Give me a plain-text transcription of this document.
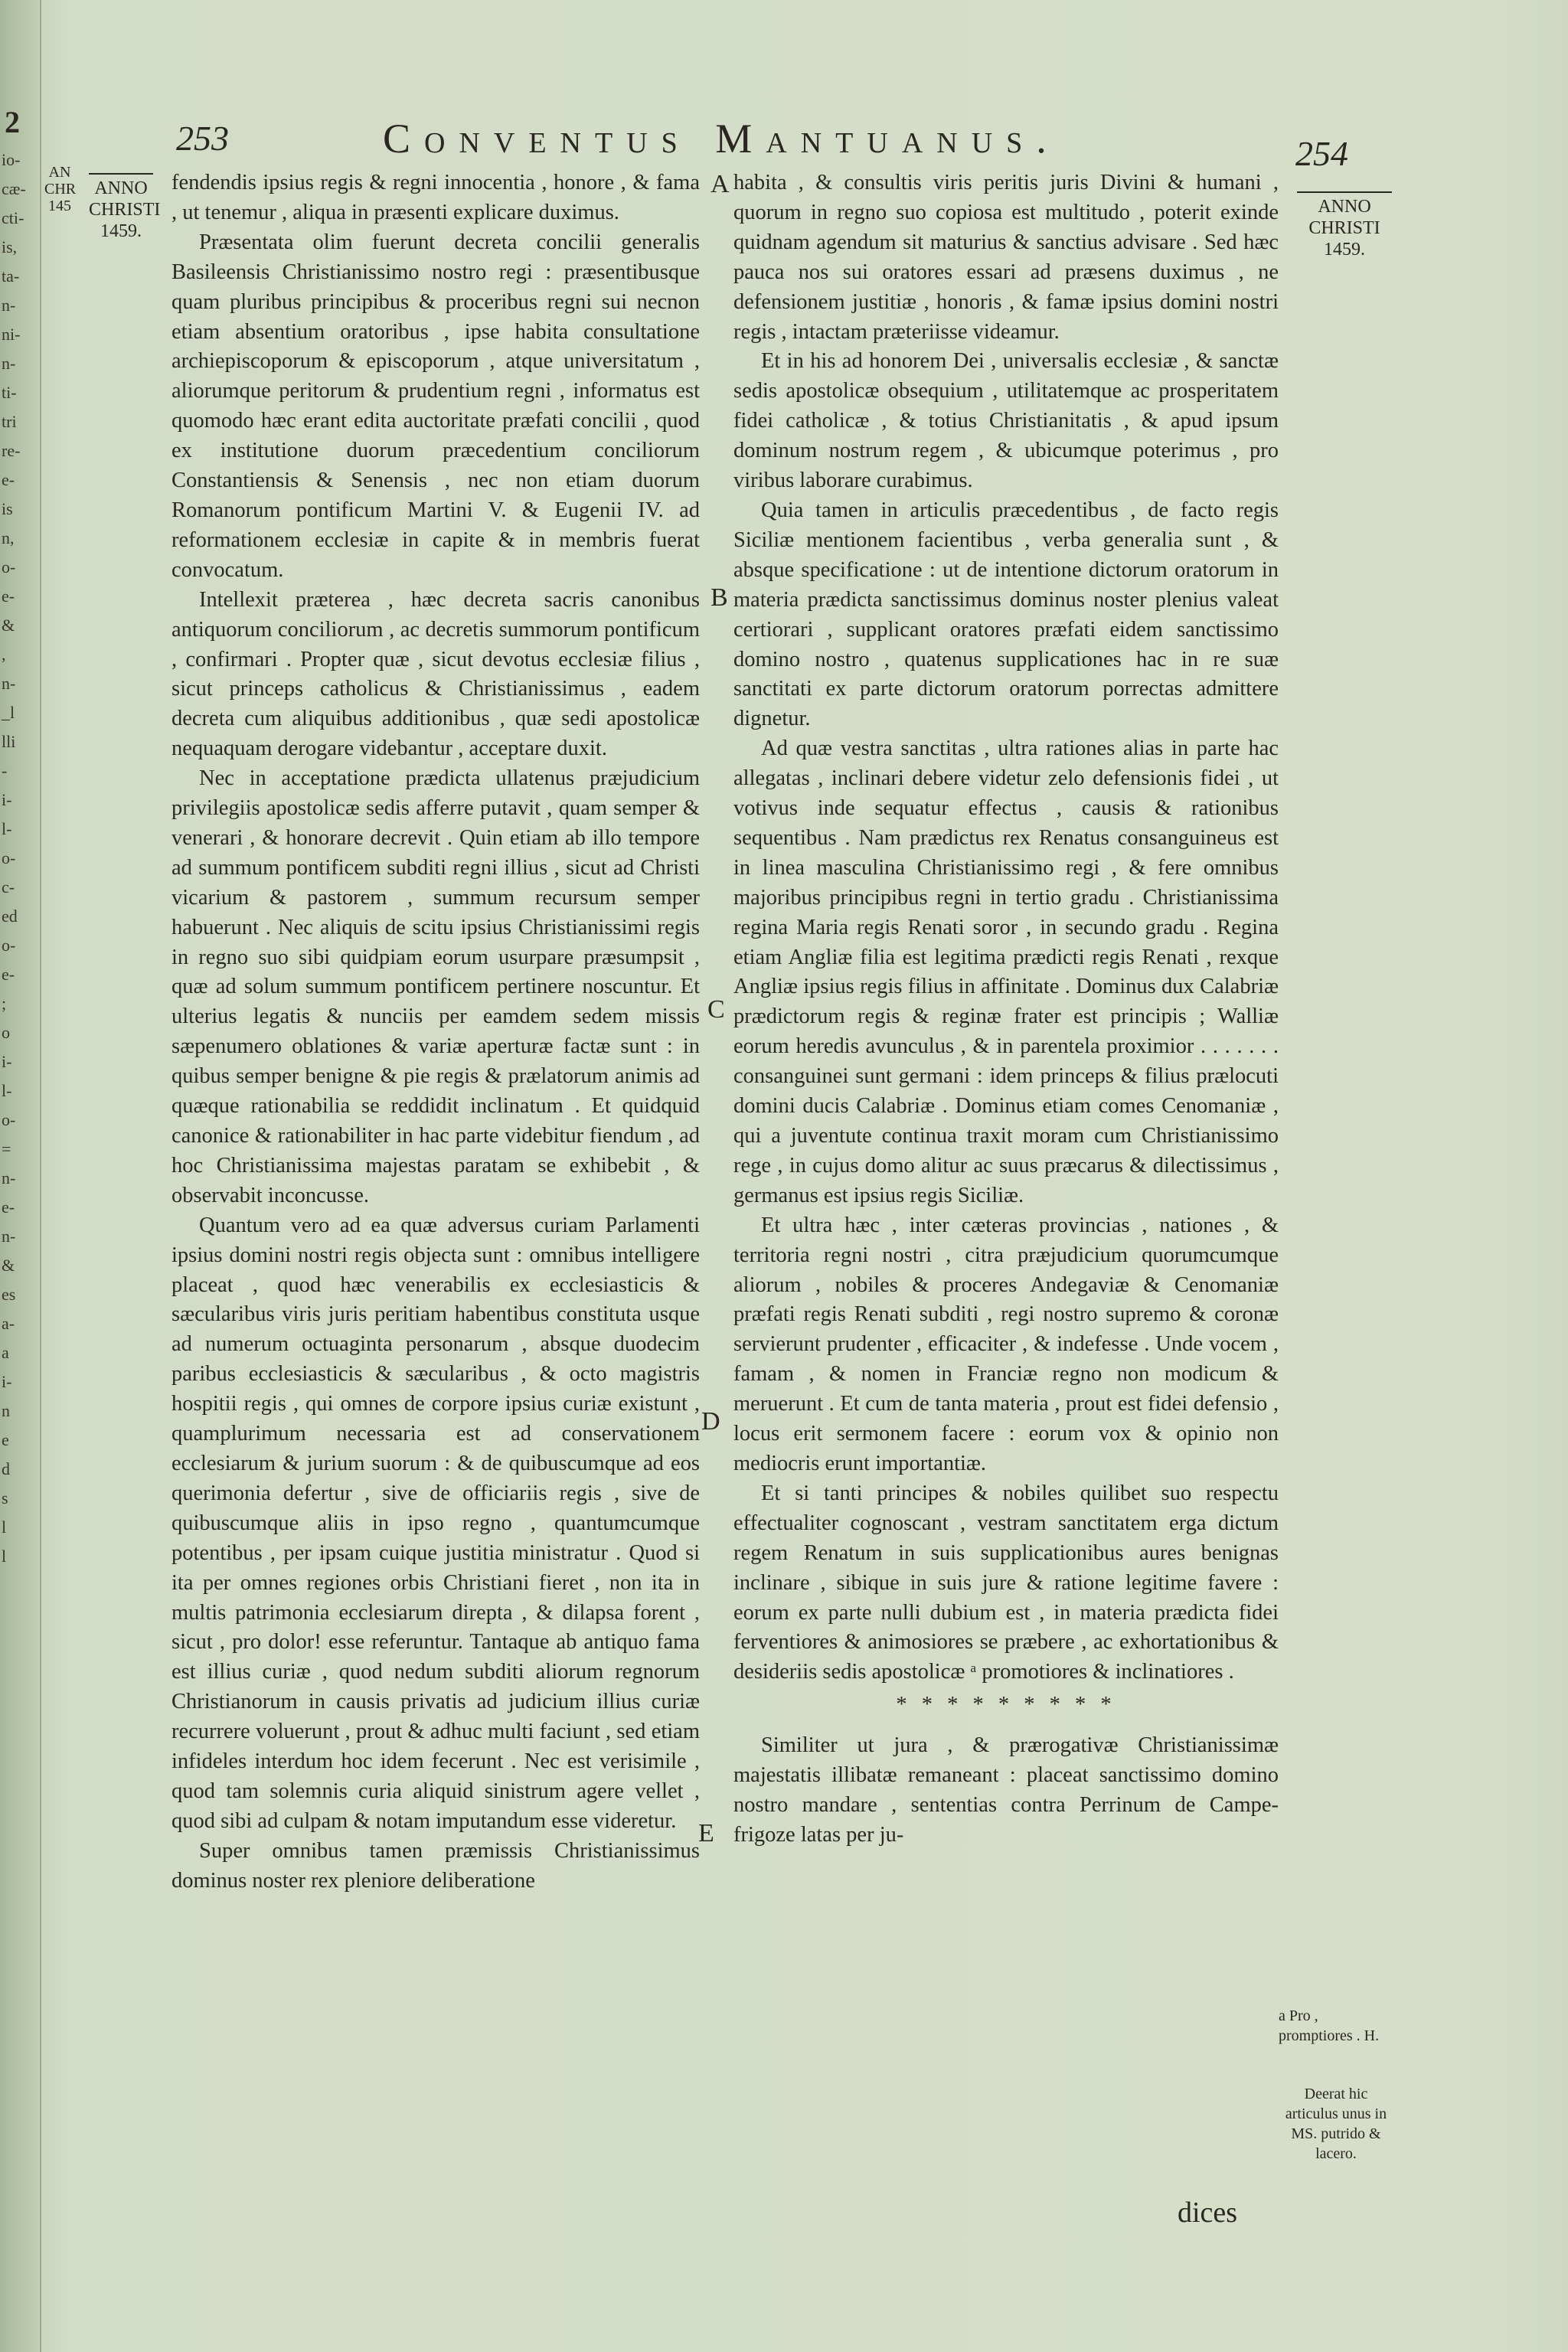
2
io-
cæ-
cti-
is,
ta-
n-
ni-
n-
ti-
tri
re-
e-
is
n,
o-
e-
&
,
n-
_l
lli
-
i-
l-
o-
c-
ed
o-
e-
;
o
i-
l-
o-
=
n-
e-
n-
&
es
a-
a
i-
n
e
d
s
l
l
AN
CHR
145
253	Conventus Mantuanus.	254
ANNO
CHRISTI
1459.
ANNO
CHRISTI
1459.
A
B
C
D
E

fendendis ipsius regis & regni innocentia , honore , & fama , ut tenemur , aliqua in præsenti explicare duximus.

Præsentata olim fuerunt decreta concilii generalis Basileensis Christianissimo nostro regi : præsentibusque quam pluribus principibus & proceribus regni sui necnon etiam absentium oratoribus , ipse habita consultatione archiepiscoporum & episcoporum , atque universitatum , aliorumque peritorum & prudentium regni , informatus est quomodo hæc erant edita auctoritate præfati concilii , quod ex institutione duorum præcedentium conciliorum Constantiensis & Senensis , nec non etiam duorum Romanorum pontificum Martini V. & Eugenii IV. ad reformationem ecclesiæ in capite & in membris fuerat convocatum.

Intellexit præterea , hæc decreta sacris canonibus antiquorum conciliorum , ac decretis summorum pontificum , confirmari . Propter quæ , sicut devotus ecclesiæ filius , sicut princeps catholicus & Christianissimus , eadem decreta cum aliquibus additionibus , quæ sedi apostolicæ nequaquam derogare videbantur , acceptare duxit.

Nec in acceptatione prædicta ullatenus præjudicium privilegiis apostolicæ sedis afferre putavit , quam semper & venerari , & honorare decrevit . Quin etiam ab illo tempore ad summum pontificem subditi regni illius , sicut ad Christi vicarium & pastorem , summum recursum semper habuerunt . Nec aliquis de scitu ipsius Christianissimi regis in regno suo sibi quidpiam eorum usurpare præsumpsit , quæ ad solum summum pontificem pertinere noscuntur. Et ulterius legatis & nunciis per eamdem sedem missis sæpenumero oblationes & variæ aperturæ factæ sunt : in quibus semper benigne & pie regis & prælatorum animis ad quæque rationabilia se reddidit inclinatum . Et quidquid canonice & rationabiliter in hac parte videbitur fiendum , ad hoc Christianissima majestas paratam se exhibebit , & observabit inconcusse.

Quantum vero ad ea quæ adversus curiam Parlamenti ipsius domini nostri regis objecta sunt : omnibus intelligere placeat , quod hæc venerabilis ex ecclesiasticis & sæcularibus viris juris peritiam habentibus constituta usque ad numerum octuaginta personarum , absque duodecim paribus ecclesiasticis & sæcularibus , & octo magistris hospitii regis , qui omnes de corpore ipsius curiæ existunt , quamplurimum necessaria est ad conservationem ecclesiarum & jurium suorum : & de quibuscumque ad eos querimonia defertur , sive de officiariis regis , sive de quibuscumque aliis in ipso regno , quantumcumque potentibus , per ipsam cuique justitia ministratur . Quod si ita per omnes regiones orbis Christiani fieret , non ita in multis patrimonia ecclesiarum direpta , & dilapsa forent , sicut , pro dolor! esse referuntur. Tantaque ab antiquo fama est illius curiæ , quod nedum subditi aliorum regnorum Christianorum in causis privatis ad judicium illius curiæ recurrere voluerunt , prout & adhuc multi faciunt , sed etiam infideles interdum hoc idem fecerunt . Nec est verisimile , quod tam solemnis curia aliquid sinistrum agere vellet , quod sibi ad culpam & notam imputandum esse videretur.

Super omnibus tamen præmissis Christianissimus dominus noster rex pleniore deliberatione

habita , & consultis viris peritis juris Divini & humani , quorum in regno suo copiosa est multitudo , poterit exinde quidnam agendum sit maturius & sanctius advisare . Sed hæc pauca nos sui oratores essari ad præsens duximus , ne defensionem justitiæ , honoris , & famæ ipsius domini nostri regis , intactam præteriisse videamur.

Et in his ad honorem Dei , universalis ecclesiæ , & sanctæ sedis apostolicæ obsequium , utilitatemque ac prosperitatem fidei catholicæ , & totius Christianitatis , & apud ipsum dominum nostrum regem , & ubicumque poterimus , pro viribus laborare curabimus.

Quia tamen in articulis præcedentibus , de facto regis Siciliæ mentionem facientibus , verba generalia sunt , & absque specificatione : ut de intentione dictorum oratorum in materia prædicta sanctissimus dominus noster plenius valeat certiorari , supplicant oratores præfati eidem sanctissimo domino nostro , quatenus supplicationes hac in re suæ sanctitati ex parte dictorum oratorum porrectas admittere dignetur.

Ad quæ vestra sanctitas , ultra rationes alias in parte hac allegatas , inclinari debere videtur zelo defensionis fidei , ut votivus inde sequatur effectus , causis & rationibus sequentibus . Nam prædictus rex Renatus consanguineus est in linea masculina Christianissimo regi , & fere omnibus majoribus principibus regni in tertio gradu . Christianissima regina Maria regis Renati soror , in secundo gradu . Regina etiam Angliæ filia est legitima prædicti regis Renati , rexque Angliæ ipsius regis filius in affinitate . Dominus dux Calabriæ prædictorum regis & reginæ frater est principis ; Walliæ eorum heredis avunculus , & in parentela proximior . . . . . . . consanguinei sunt germani : idem princeps & filius prælocuti domini ducis Calabriæ . Dominus etiam comes Cenomaniæ , qui a juventute continua traxit moram cum Christianissimo rege , in cujus domo alitur ac suus præcarus & dilectissimus , germanus est ipsius regis Siciliæ.

Et ultra hæc , inter cæteras provincias , nationes , & territoria regni nostri , citra præjudicium quorumcumque aliorum , nobiles & proceres Andegaviæ & Cenomaniæ præfati regis Renati subditi , regi nostro supremo & coronæ servierunt prudenter , efficaciter , & indefesse . Unde vocem , famam , & nomen in Franciæ regno non modicum & meruerunt . Et cum de tanta materia , prout est fidei defensio , locus erit sermonem facere : eorum vox & opinio non mediocris erunt importantiæ.

Et si tanti principes & nobiles quilibet suo respectu effectualiter cognoscant , vestram sanctitatem erga dictum regem Renatum in suis supplicationibus aures benignas inclinare , sibique in suis jure & ratione legitime favere : eorum ex parte nulli dubium est , in materia prædicta fidei ferventiores & animosiores se præbere , ac exhortationibus & desideriis sedis apostolicæ ᵃ promotiores & inclinatiores .

* * * * * * * * *

Similiter ut jura , & prærogativæ Christianissimæ majestatis illibatæ remaneant : placeat sanctissimo domino nostro mandare , sententias contra Perrinum de Campe-frigoze latas per ju-

a Pro , promptiores . H.
Deerat hic articulus unus in MS. putrido & lacero.
dices
